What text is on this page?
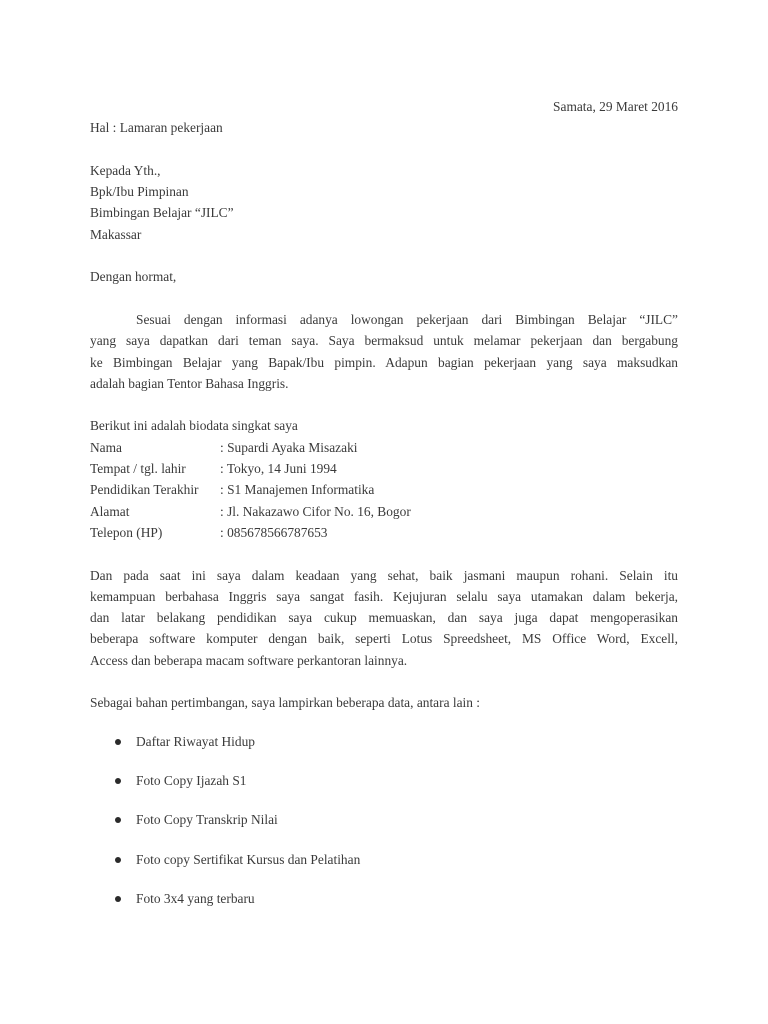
Samata, 29 Maret 2016
Hal : Lamaran pekerjaan
Kepada Yth.,
Bpk/Ibu Pimpinan
Bimbingan Belajar “JILC”
Makassar
Dengan hormat,
Sesuai dengan informasi adanya lowongan pekerjaan dari Bimbingan Belajar “JILC”
yang saya dapatkan dari teman saya. Saya bermaksud untuk melamar pekerjaan dan bergabung
ke Bimbingan Belajar yang Bapak/Ibu pimpin. Adapun bagian pekerjaan yang saya maksudkan
adalah bagian Tentor Bahasa Inggris.
Berikut ini adalah biodata singkat saya
Nama	: Supardi Ayaka Misazaki
Tempat / tgl. lahir	: Tokyo, 14 Juni 1994
Pendidikan Terakhir	: S1 Manajemen Informatika
Alamat	: Jl. Nakazawo Cifor No. 16, Bogor
Telepon (HP)	: 085678566787653
Dan pada saat ini saya dalam keadaan yang sehat, baik jasmani maupun rohani. Selain itu
kemampuan berbahasa Inggris saya sangat fasih. Kejujuran selalu saya utamakan dalam bekerja,
dan latar belakang pendidikan saya cukup memuaskan, dan saya juga dapat mengoperasikan
beberapa software komputer dengan baik, seperti Lotus Spreedsheet, MS Office Word, Excell,
Access dan beberapa macam software perkantoran lainnya.
Sebagai bahan pertimbangan, saya lampirkan beberapa data, antara lain :
Daftar Riwayat Hidup
Foto Copy Ijazah S1
Foto Copy Transkrip Nilai
Foto copy Sertifikat Kursus dan Pelatihan
Foto 3x4 yang terbaru
